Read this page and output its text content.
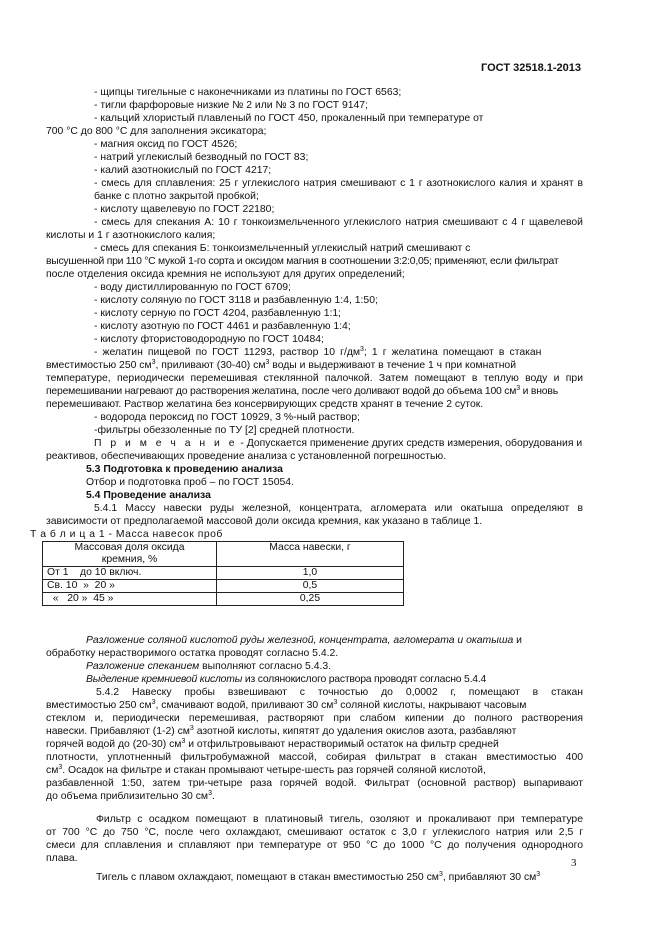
ГОСТ 32518.1-2013
- щипцы тигельные с наконечниками из платины по ГОСТ 6563;
- тигли фарфоровые низкие № 2 или № 3 по ГОСТ 9147;
- кальций хлористый плавленый по ГОСТ 450, прокаленный при температуре от
700 °С до 800 °С для заполнения эксикатора;
- магния оксид по ГОСТ 4526;
- натрий углекислый безводный по ГОСТ 83;
- калий азотнокислый по ГОСТ 4217;
- смесь для сплавления: 25 г углекислого натрия смешивают с 1 г азотнокислого калия и хранят в
банке с плотно закрытой пробкой;
- кислоту щавелевую по ГОСТ 22180;
- смесь для спекания А: 10 г тонкоизмельченного углекислого натрия смешивают с 4 г щавелевой
кислоты и 1 г азотнокислого калия;
- смесь для спекания Б: тонкоизмельченный углекислый натрий смешивают с
высушенной при 110 °С мукой 1-го сорта и оксидом магния в соотношении 3:2:0,05; применяют, если фильтрат
после отделения оксида кремния не используют для других определений;
- воду дистиллированную по ГОСТ 6709;
- кислоту соляную по ГОСТ 3118 и разбавленную 1:4, 1:50;
- кислоту серную по ГОСТ 4204, разбавленную 1:1;
- кислоту азотную по ГОСТ 4461 и разбавленную 1:4;
- кислоту фтористоводородную по ГОСТ 10484;
- желатин пищевой по ГОСТ 11293, раствор 10 $г/дм^3$; 1 г желатина помещают в стакан
вместимостью 250 $см^3$, приливают (30-40) $см^3$ воды и выдерживают в течение 1 ч при комнатной
температуре, периодически перемешивая стеклянной палочкой. Затем помещают в теплую воду и при
перемешивании нагревают до растворения желатина, после чего доливают водой до объема 100 $см^3$ и вновь
перемешивают. Раствор желатина без консервирующих средств хранят в течение 2 суток.
- водорода пероксид по ГОСТ 10929, 3 %-ный раствор;
-фильтры обеззоленные по ТУ [2] средней плотности.
П р и м е ч а н и е - Допускается применение других средств измерения, оборудования и
реактивов, обеспечивающих проведение анализа с установленной погрешностью.
5.3 Подготовка к проведению анализа
Отбор и подготовка проб – по ГОСТ 15054.
5.4 Проведение анализа
5.4.1 Массу навески руды железной, концентрата, агломерата или окатыша определяют в
зависимости от предполагаемой массовой доли оксида кремния, как указано в таблице 1.
Т а б л и ц а 1 - Масса навесок проб
Массовая доля оксида
кремния, %	Масса навески, г
От 1    до 10 включ.	1,0
Св. 10  »  20 »	0,5
«   20 »  45 »	0,25
Разложение соляной кислотой руды железной, концентрата, агломерата и окатыша и
обработку нерастворимого остатка проводят согласно 5.4.2.
Разложение спеканием выполняют согласно 5.4.3.
Выделение кремниевой кислоты из солянокислого раствора проводят согласно 5.4.4
5.4.2 Навеску пробы взвешивают с точностью до 0,0002 г, помещают в стакан
вместимостью 250 $см^3$, смачивают водой, приливают 30 $см^3$ соляной кислоты, накрывают часовым
стеклом и, периодически перемешивая, растворяют при слабом кипении до полного растворения
навески. Прибавляют (1-2) $см^3$ азотной кислоты, кипятят до удаления окислов азота, разбавляют
горячей водой до (20-30) $см^3$ и отфильтровывают нерастворимый остаток на фильтр средней
плотности, уплотненный фильтробумажной массой, собирая фильтрат в стакан вместимостью 400
$см^3$. Осадок на фильтре и стакан промывают четыре-шесть раз горячей соляной кислотой,
разбавленной 1:50, затем три-четыре раза горячей водой. Фильтрат (основной раствор) выпаривают
до объема приблизительно 30 $см^3$.
Фильтр с осадком помещают в платиновый тигель, озоляют и прокаливают при температуре
от 700 °С до 750 °С, после чего охлаждают, смешивают остаток с 3,0 г углекислого натрия или 2,5 г
смеси для сплавления и сплавляют при температуре от 950 °С до 1000 °С до получения однородного
плава.
Тигель с плавом охлаждают, помещают в стакан вместимостью 250 $см^3$, прибавляют 30 $см^3$
3
